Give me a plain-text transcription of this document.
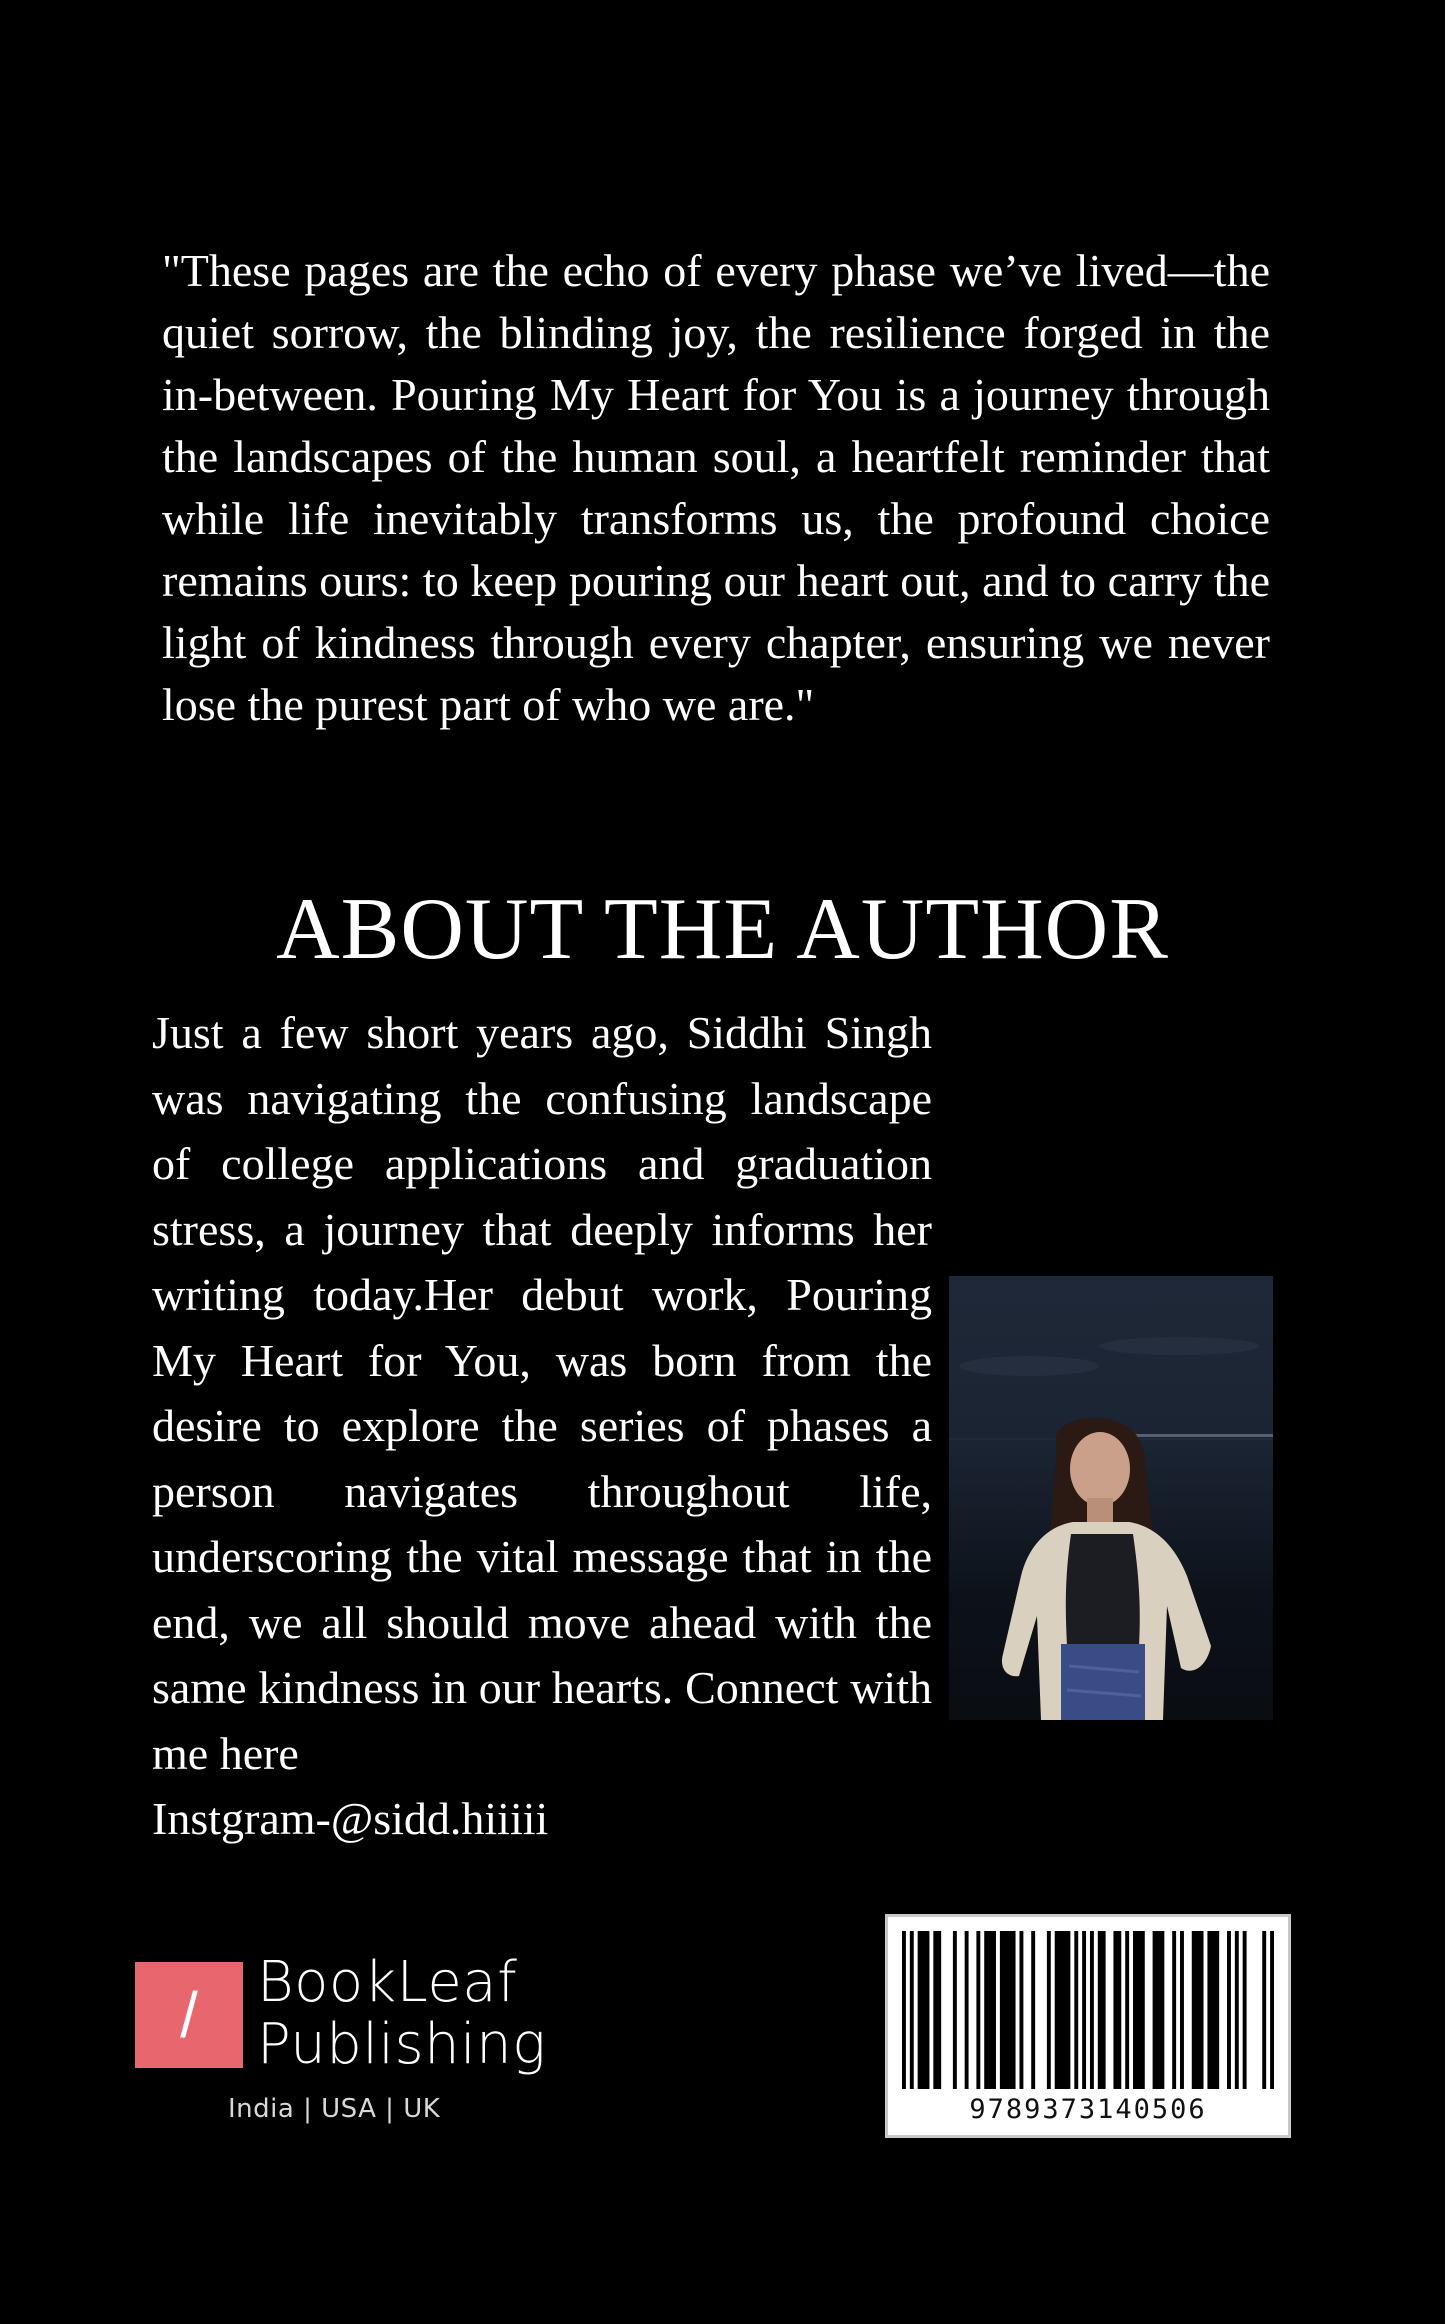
"These pages are the echo of every phase we’ve lived—the quiet sorrow, the blinding joy, the resilience forged in the in-between. Pouring My Heart for You is a journey through the landscapes of the human soul, a heartfelt reminder that while life inevitably transforms us, the profound choice remains ours: to keep pouring our heart out, and to carry the light of kindness through every chapter, ensuring we never lose the purest part of who we are."

ABOUT THE AUTHOR

Just a few short years ago, Siddhi Singh was navigating the confusing landscape of college applications and graduation stress, a journey that deeply informs her writing today.Her debut work, Pouring My Heart for You, was born from the desire to explore the series of phases a person navigates throughout life, underscoring the vital message that in the end, we all should move ahead with the same kindness in our hearts. Connect with me here
Instgram-@sidd.hiiiii

/	BookLeaf
Publishing
India | USA | UK	9789373140506
